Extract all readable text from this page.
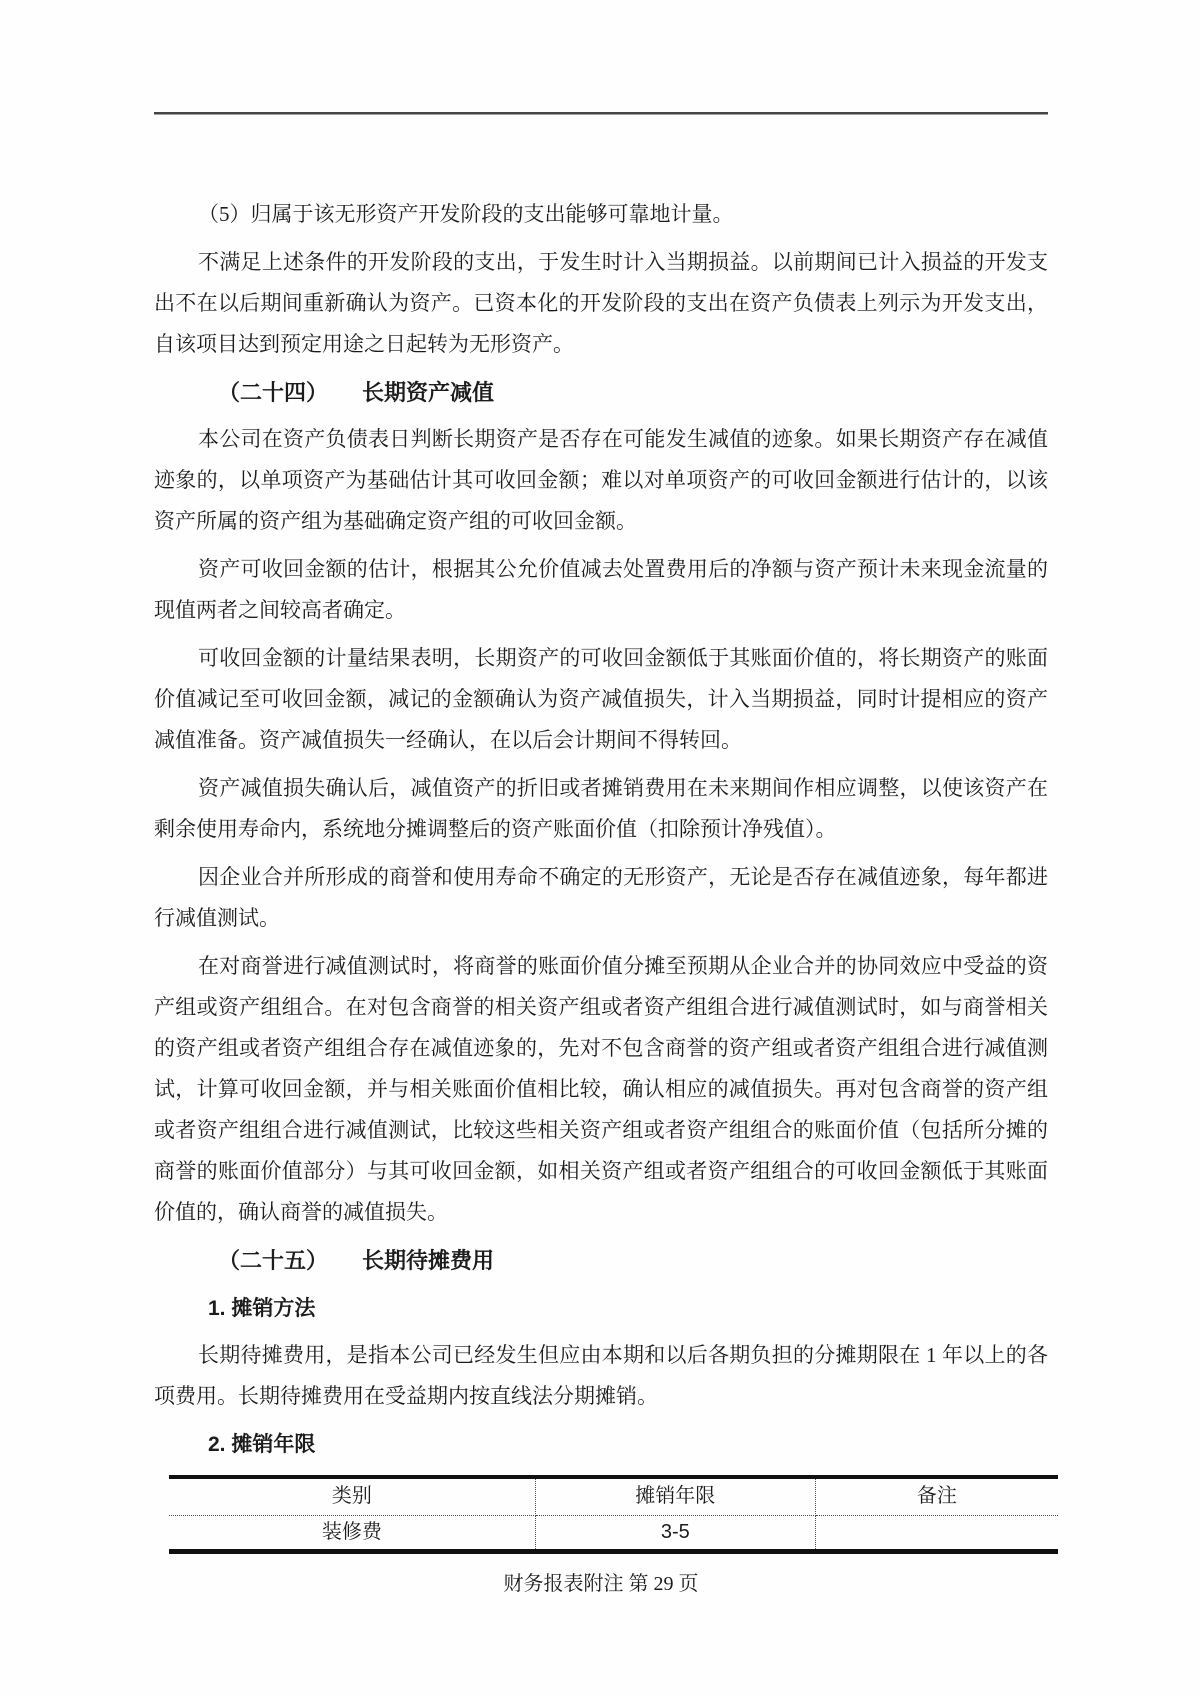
（5）归属于该无形资产开发阶段的支出能够可靠地计量。

不满足上述条件的开发阶段的支出，于发生时计入当期损益。以前期间已计入损益的开发支出不在以后期间重新确认为资产。已资本化的开发阶段的支出在资产负债表上列示为开发支出，自该项目达到预定用途之日起转为无形资产。

（二十四） 长期资产减值

本公司在资产负债表日判断长期资产是否存在可能发生减值的迹象。如果长期资产存在减值迹象的，以单项资产为基础估计其可收回金额；难以对单项资产的可收回金额进行估计的，以该资产所属的资产组为基础确定资产组的可收回金额。

资产可收回金额的估计，根据其公允价值减去处置费用后的净额与资产预计未来现金流量的现值两者之间较高者确定。

可收回金额的计量结果表明，长期资产的可收回金额低于其账面价值的，将长期资产的账面价值减记至可收回金额，减记的金额确认为资产减值损失，计入当期损益，同时计提相应的资产减值准备。资产减值损失一经确认，在以后会计期间不得转回。

资产减值损失确认后，减值资产的折旧或者摊销费用在未来期间作相应调整，以使该资产在剩余使用寿命内，系统地分摊调整后的资产账面价值（扣除预计净残值）。

因企业合并所形成的商誉和使用寿命不确定的无形资产，无论是否存在减值迹象，每年都进行减值测试。

在对商誉进行减值测试时，将商誉的账面价值分摊至预期从企业合并的协同效应中受益的资产组或资产组组合。在对包含商誉的相关资产组或者资产组组合进行减值测试时，如与商誉相关的资产组或者资产组组合存在减值迹象的，先对不包含商誉的资产组或者资产组组合进行减值测试，计算可收回金额，并与相关账面价值相比较，确认相应的减值损失。再对包含商誉的资产组或者资产组组合进行减值测试，比较这些相关资产组或者资产组组合的账面价值（包括所分摊的商誉的账面价值部分）与其可收回金额，如相关资产组或者资产组组合的可收回金额低于其账面价值的，确认商誉的减值损失。

（二十五） 长期待摊费用
1. 摊销方法

长期待摊费用，是指本公司已经发生但应由本期和以后各期负担的分摊期限在 1 年以上的各项费用。长期待摊费用在受益期内按直线法分期摊销。

2. 摊销年限
类别	摊销年限	备注
装修费	3-5	
财务报表附注 第 29 页
